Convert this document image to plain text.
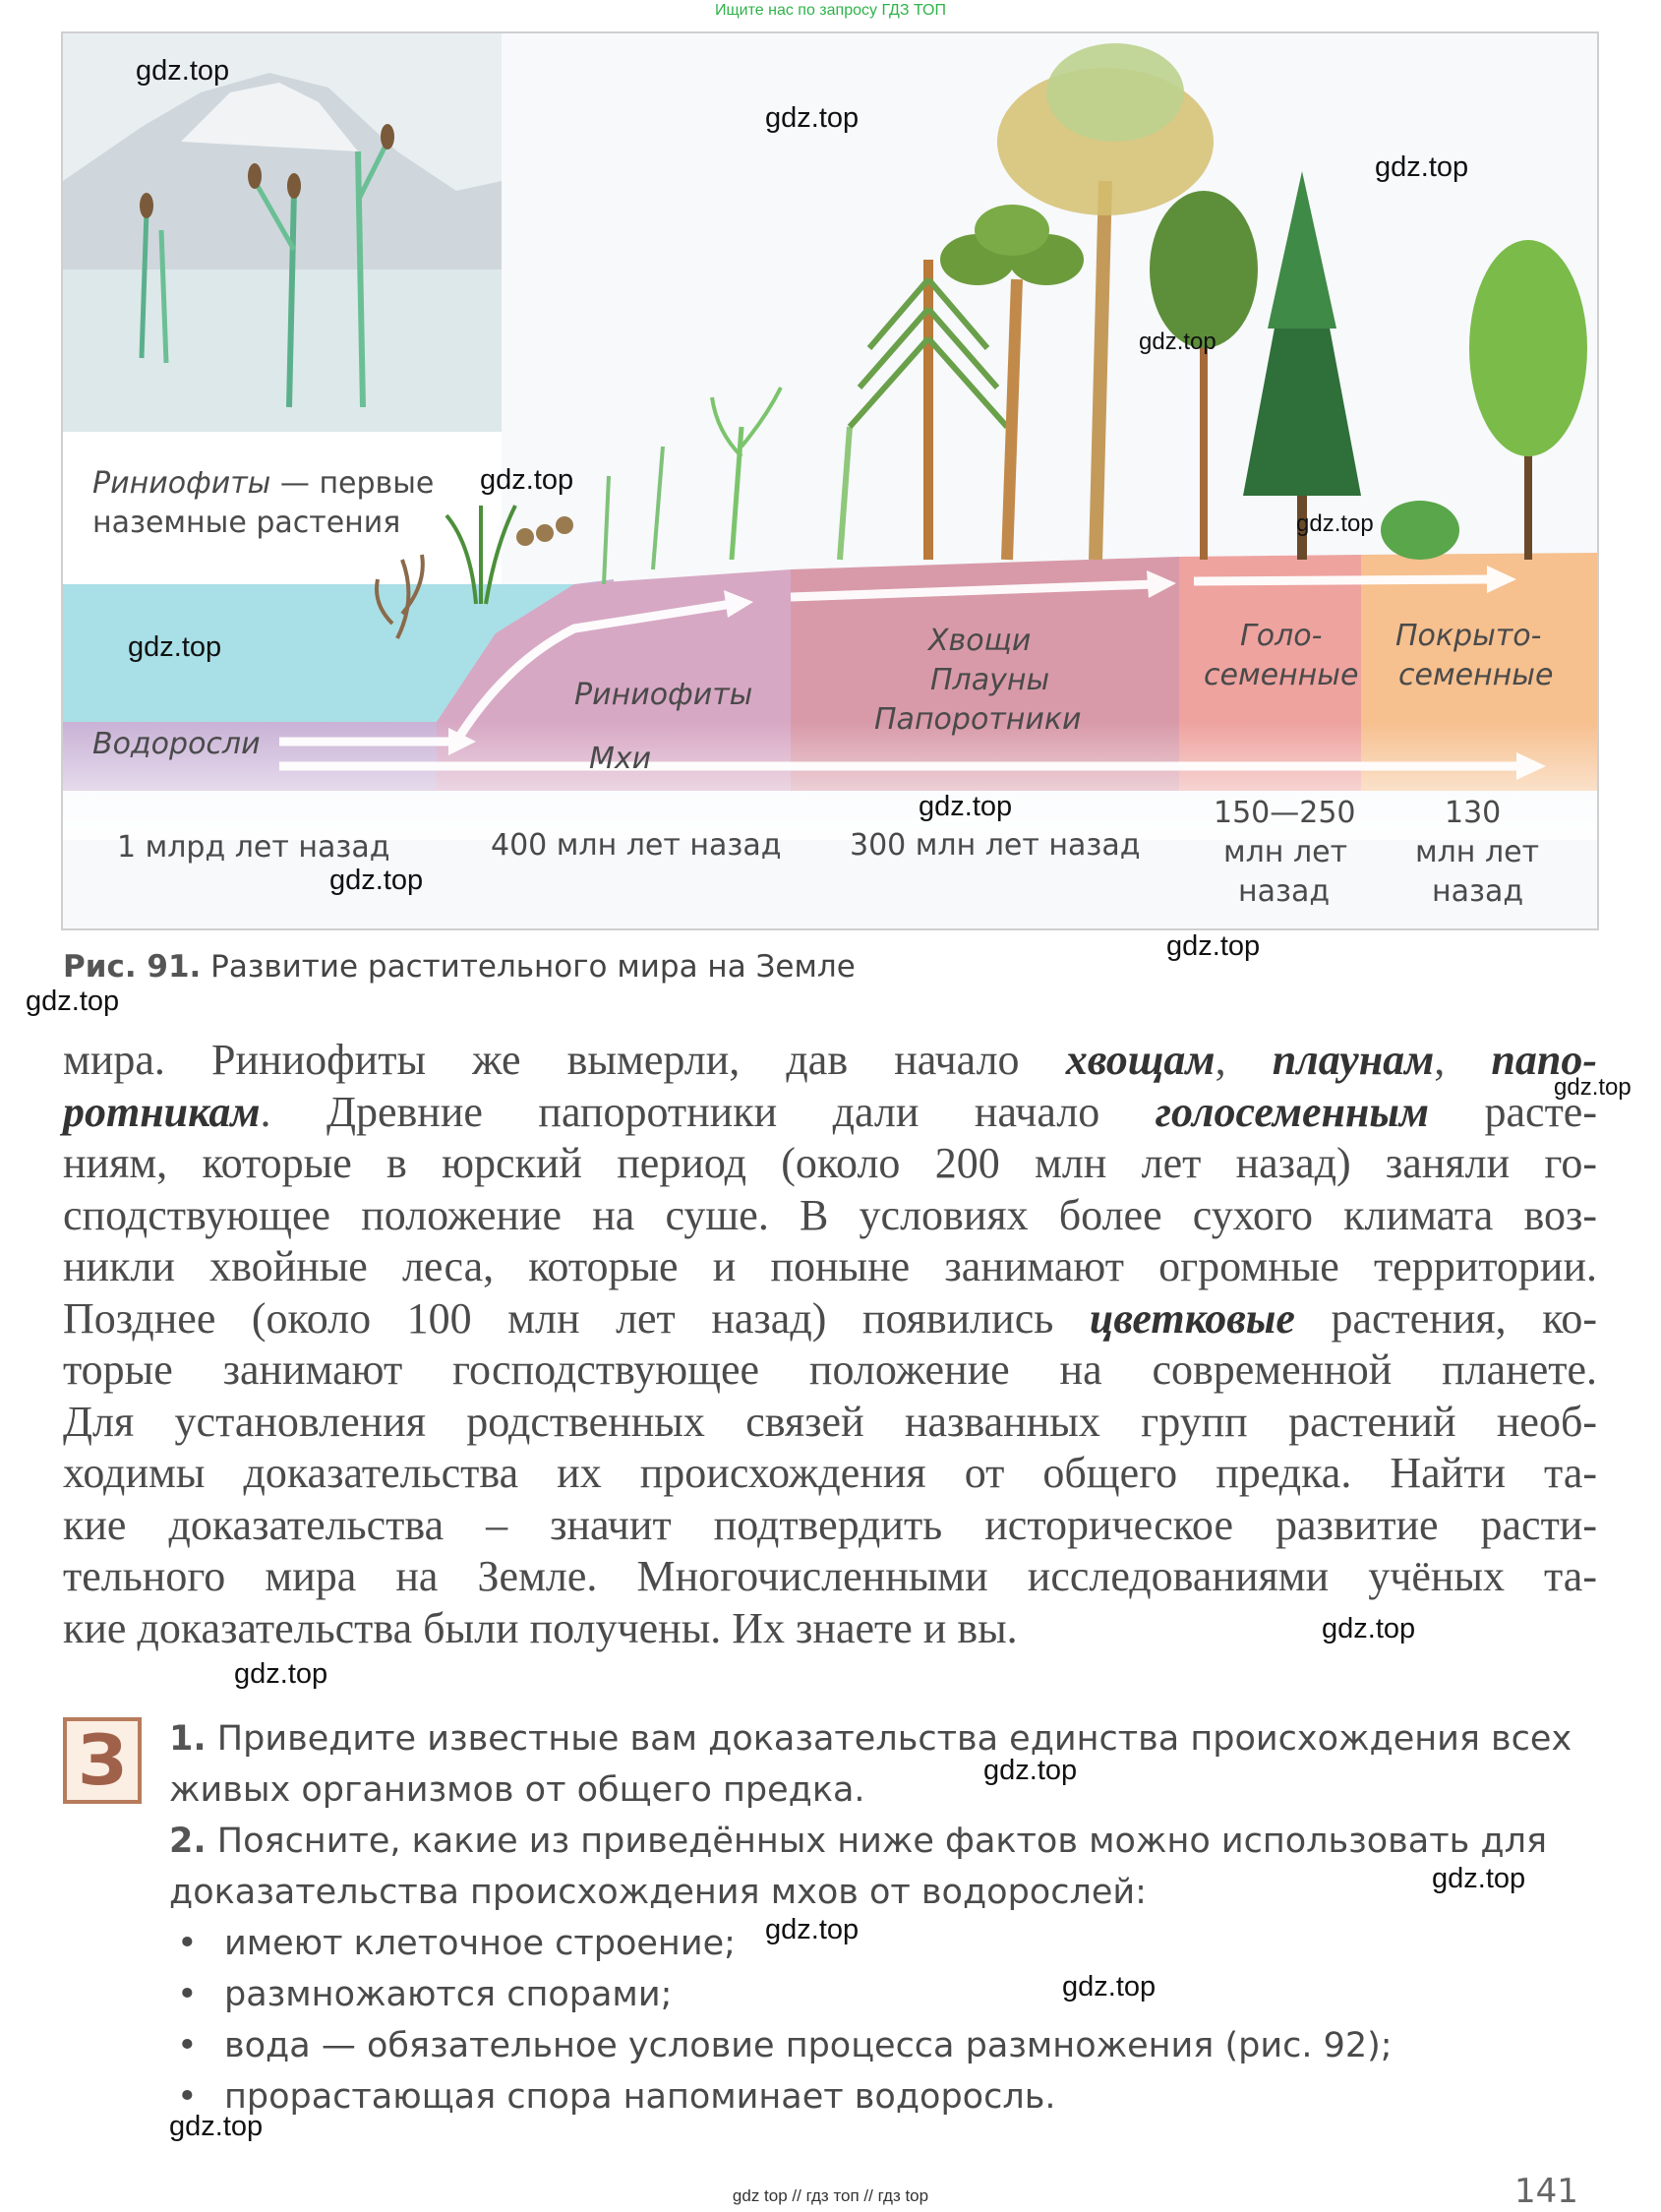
Ищите нас по запросу ГДЗ ТОП
Риниофиты — первые
наземные растения
Водоросли
Риниофиты
Мхи
Хвощи
Плауны
Папоротники
Голо-
семенные
Покрыто-
семенные
1 млрд лет назад	400 млн лет назад 300 млн лет назад
150—250
млн лет
назад
130
млн лет
назад
gdz.top
gdz.top
gdz.top
gdz.top
gdz.top
gdz.top
gdz.top
gdz.top
gdz.top
Рис. 91. Развитие растительного мира на Земле
gdz.top
gdz.top
gdz.top
gdz.top
gdz.top
gdz.top
gdz.top
gdz.top
gdz.top
gdz.top
мира. Риниофиты же вымерли, дав начало хвощам, плаунам, папо-
ротникам. Древние папоротники дали начало голосеменным расте-
ниям, которые в юрский период (около 200 млн лет назад) заняли го-
сподствующее положение на суше. В условиях более сухого климата воз-
никли хвойные леса, которые и поныне занимают огромные территории.
Позднее (около 100 млн лет назад) появились цветковые растения, ко-
торые занимают господствующее положение на современной планете.
Для установления родственных связей названных групп растений необ-
ходимы доказательства их происхождения от общего предка. Найти та-
кие доказательства – значит подтвердить историческое развитие расти-
тельного мира на Земле. Многочисленными исследованиями учёных та-
кие доказательства были получены. Их знаете и вы.
З	1. Приведите известные вам доказательства единства происхождения всех
живых организмов от общего предка.
2. Поясните, какие из приведённых ниже фактов можно использовать для
доказательства происхождения мхов от водорослей:
• имеют клеточное строение;
• размножаются спорами;
• вода — обязательное условие процесса размножения (рис. 92);
• прорастающая спора напоминает водоросль.
141
gdz top // гдз топ // гдз top
